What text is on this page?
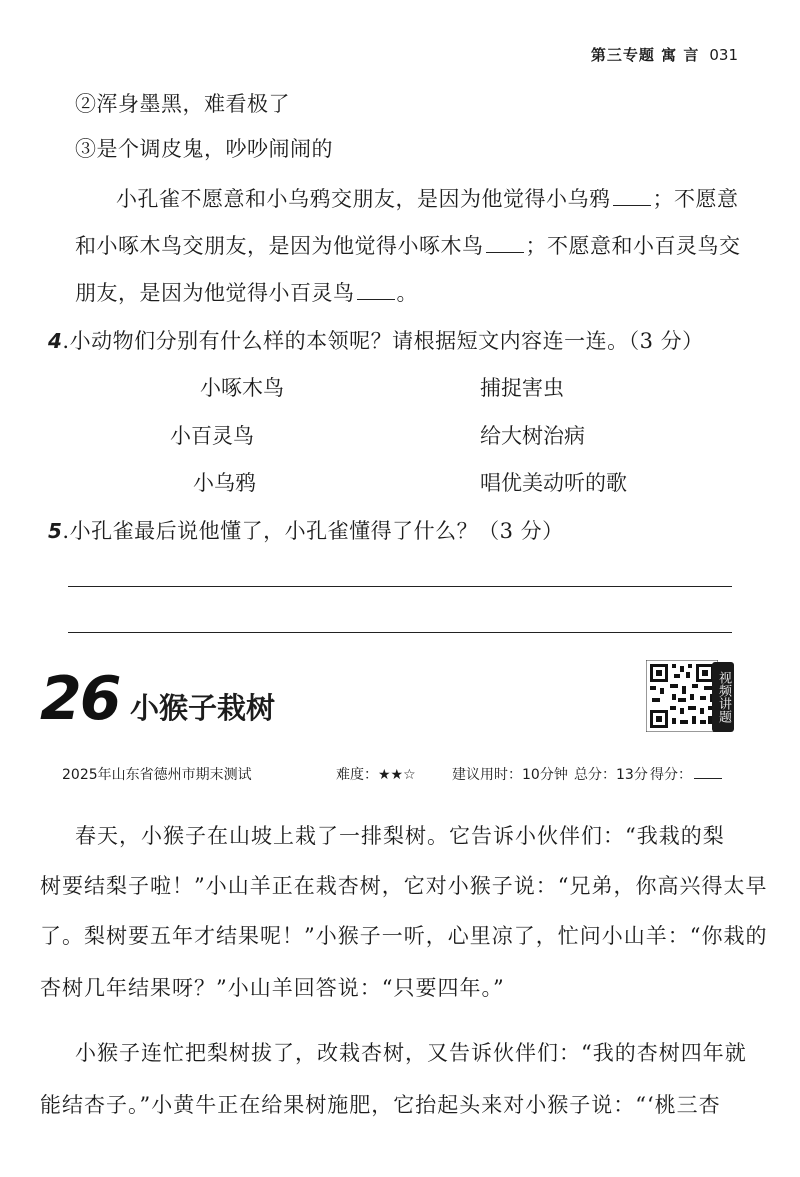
第三专题 寓 言 031
②浑身墨黑，难看极了
③是个调皮鬼，吵吵闹闹的
小孔雀不愿意和小乌鸦交朋友，是因为他觉得小乌鸦 ；不愿意
和小啄木鸟交朋友，是因为他觉得小啄木鸟 ；不愿意和小百灵鸟交
朋友，是因为他觉得小百灵鸟 。
4.小动物们分别有什么样的本领呢？请根据短文内容连一连。（3 分）
小啄木鸟
小百灵鸟
小乌鸦
捕捉害虫
给大树治病
唱优美动听的歌
5.小孔雀最后说他懂了，小孔雀懂得了什么？（3 分）
26 小猴子栽树	视频讲题
2025年山东省德州市期末测试	难度：★★☆	建议用时：10分钟 总分：13分 得分：
春天，小猴子在山坡上栽了一排梨树。它告诉小伙伴们：“我栽的梨
树要结梨子啦！”小山羊正在栽杏树，它对小猴子说：“兄弟，你高兴得太早
了。梨树要五年才结果呢！”小猴子一听，心里凉了，忙问小山羊：“你栽的
杏树几年结果呀？”小山羊回答说：“只要四年。”
小猴子连忙把梨树拔了，改栽杏树，又告诉伙伴们：“我的杏树四年就
能结杏子。”小黄牛正在给果树施肥，它抬起头来对小猴子说：“‘桃三杏
